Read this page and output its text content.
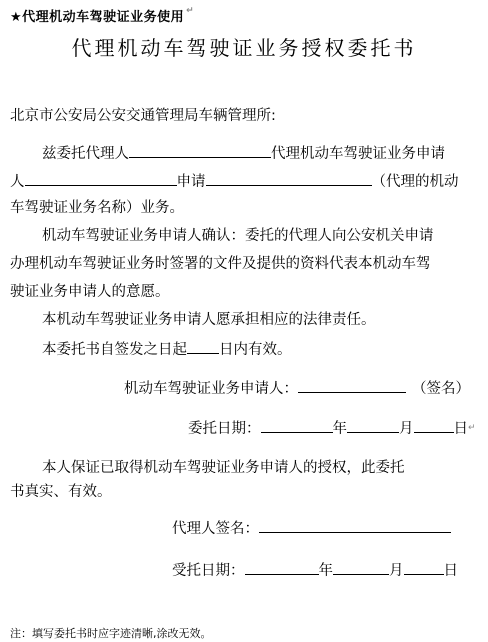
★代理机动车驾驶证业务使用 ↵
代理机动车驾驶证业务授权委托书
北京市公安局公安交通管理局车辆管理所:
兹委托代理人	代理机动车驾驶证业务申请
人	申请	（代理的机动
车驾驶证业务名称）业务。
机动车驾驶证业务申请人确认：委托的代理人向公安机关申请
办理机动车驾驶证业务时签署的文件及提供的资料代表本机动车驾
驶证业务申请人的意愿。
本机动车驾驶证业务申请人愿承担相应的法律责任。
本委托书自签发之日起 日内有效。
机动车驾驶证业务申请人：	（签名）
委托日期：	年	月	日↵
本人保证已取得机动车驾驶证业务申请人的授权，此委托
书真实、有效。
代理人签名：
受托日期：	年	月	日
注：填写委托书时应字迹清晰,涂改无效。
